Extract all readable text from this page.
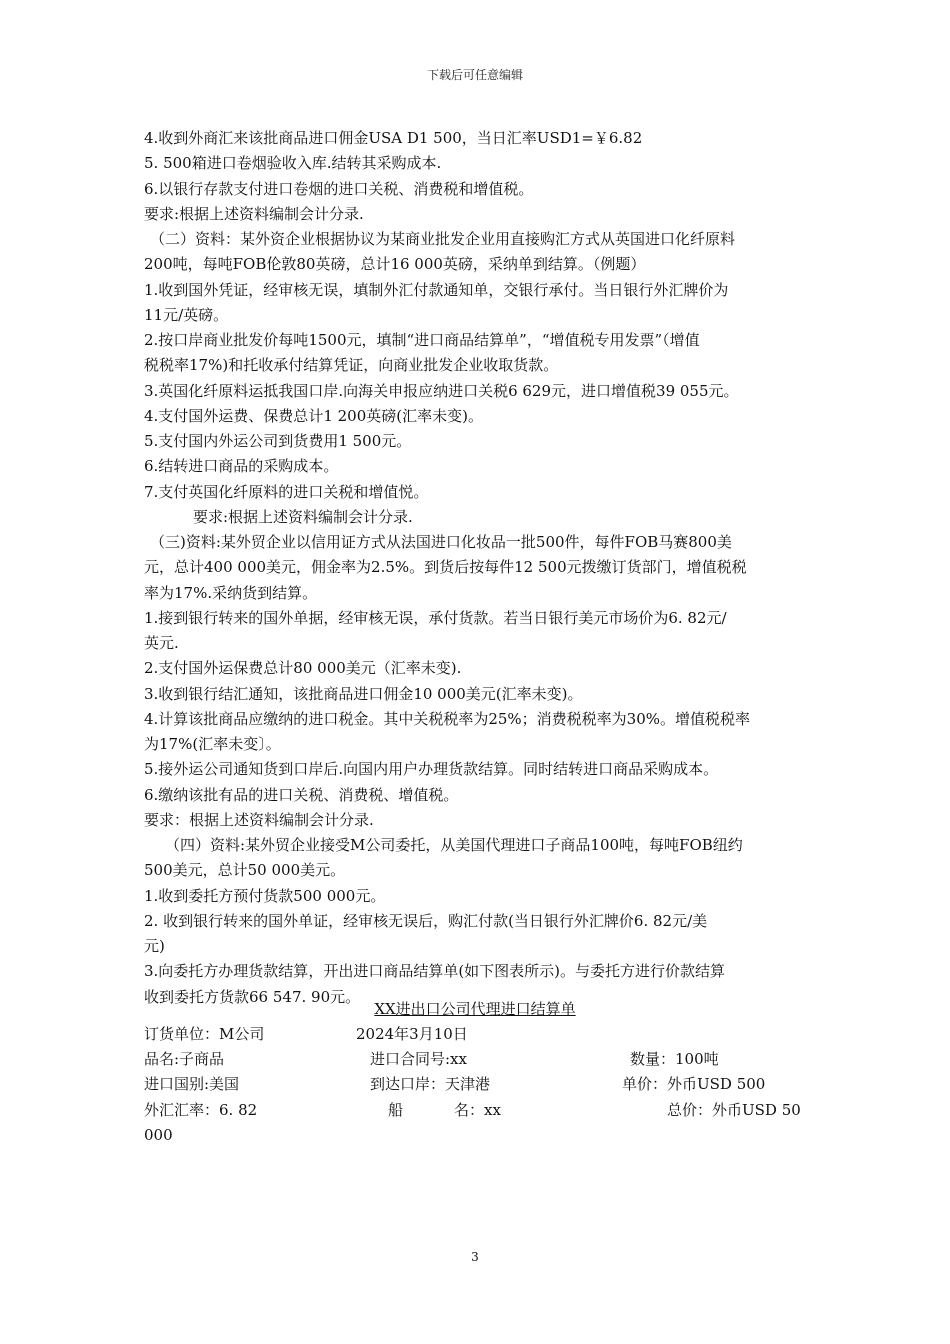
下载后可任意编辑
4.收到外商汇来该批商品进口佣金USA D1 500，当日汇率USD1=￥6.82
5. 500箱进口卷烟验收入库.结转其采购成本.
6.以银行存款支付进口卷烟的进口关税、消费税和增值税。
要求:根据上述资料编制会计分录.
（二）资料：某外资企业根据协议为某商业批发企业用直接购汇方式从英国进口化纤原料
200吨，每吨FOB伦敦80英磅，总计16 000英磅，采纳单到结算。（例题）
1.收到国外凭证，经审核无误，填制外汇付款通知单，交银行承付。当日银行外汇牌价为
11元/英磅。
2.按口岸商业批发价每吨1500元，填制“进口商品结算单”，“增值税专用发票”（增值
税税率17%)和托收承付结算凭证，向商业批发企业收取货款。
3.英国化纤原料运抵我国口岸.向海关申报应纳进口关税6 629元，进口增值税39 055元。
4.支付国外运费、保费总计1 200英磅(汇率未变)。
5.支付国内外运公司到货费用1 500元。
6.结转进口商品的采购成本。
7.支付英国化纤原料的进口关税和增值悦。
要求:根据上述资料编制会计分录.
（三)资料:某外贸企业以信用证方式从法国进口化妆品一批500件，每件FOB马赛800美
元，总计400 000美元，佣金率为2.5%。到货后按每件12 500元拨缴订货部门，增值税税
率为17%.采纳货到结算。
1.接到银行转来的国外单据，经审核无误，承付货款。若当日银行美元市场价为6. 82元/
英元.
2.支付国外运保费总计80 000美元（汇率未变).
3.收到银行结汇通知，该批商品进口佣金10 000美元(汇率未变)。
4.计算该批商品应缴纳的进口税金。其中关税税率为25%；消费税税率为30%。增值税税率
为17%(汇率未变〕。
5.接外运公司通知货到口岸后.向国内用户办理货款结算。同时结转进口商品采购成本。
6.缴纳该批有品的进口关税、消费税、增值税。
要求：根据上述资料编制会计分录.
（四）资料:某外贸企业接受M公司委托，从美国代理进口子商品100吨，每吨FOB纽约
500美元，总计50 000美元。
1.收到委托方预付货款500 000元。
2. 收到银行转来的国外单证，经审核无误后，购汇付款(当日银行外汇牌价6. 82元/美
元)
3.向委托方办理货款结算，开出进口商品结算单(如下图表所示)。与委托方进行价款结算
收到委托方货款66 547. 90元。
XX进出口公司代理进口结算单
订货单位：M公司	2024年3月10日
品名:子商品	进口合同号:xx	数量：100吨
进口国别:美国	到达口岸：天津港	单价：外币USD 500
外汇汇率：6. 82	船	名：xx	总价：外币USD 50
000
3
